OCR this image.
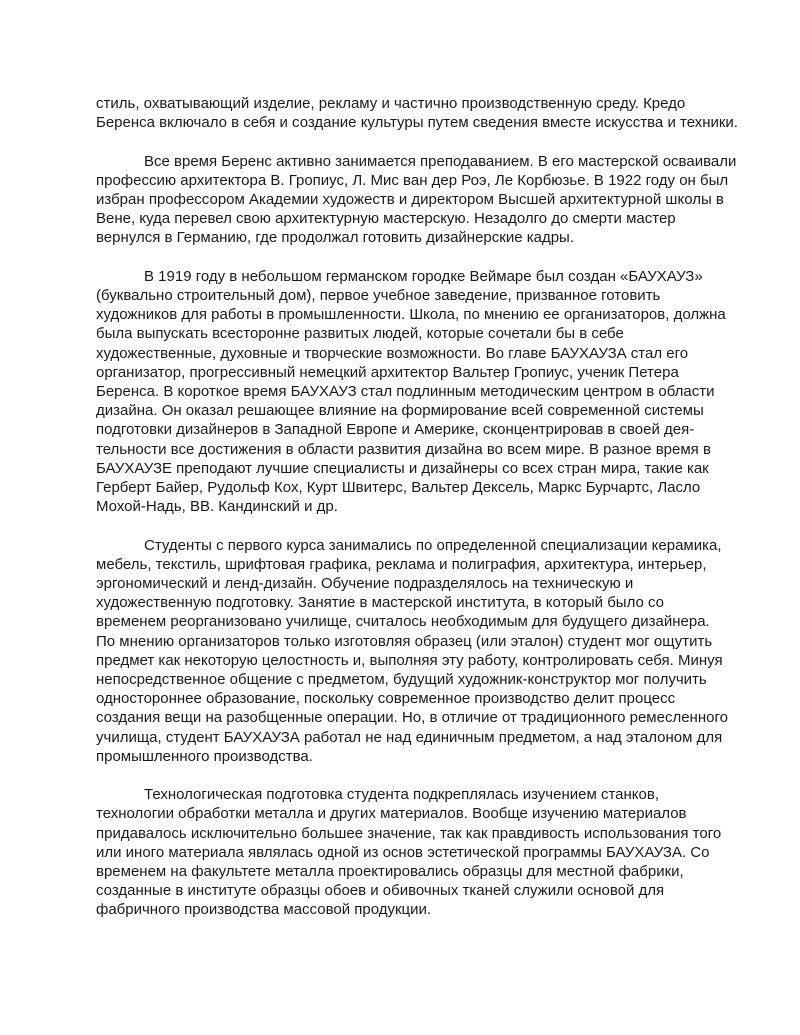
стиль, охватывающий изделие, рекламу и частично производственную среду. Кредо
Беренса включало в себя и создание культуры путем сведения вместе искусства и техники.

Все время Беренс активно занимается преподаванием. В его мастерской осваивали
профессию архитектора В. Гропиус, Л. Мис ван дер Роэ, Ле Корбюзье. В 1922 году он был
избран профессором Академии художеств и директором Высшей архитектурной школы в
Вене, куда перевел свою архитектурную мастерскую. Незадолго до смерти мастер
вернулся в Германию, где продолжал готовить дизайнерские кадры.

В 1919 году в небольшом германском городке Веймаре был создан «БАУХАУЗ»
(буквально строительный дом), первое учебное заведение, призванное готовить
художников для работы в промышленности. Школа, по мнению ее организаторов, должна
была выпускать всесторонне развитых людей, которые сочетали бы в себе
художественные, духовные и творческие возможности. Во главе БАУХАУЗА стал его
организатор, прогрессивный немецкий архитектор Вальтер Гропиус, ученик Петера
Беренса. В короткое время БАУХАУЗ стал подлинным методическим центром в области
дизайна. Он оказал решающее влияние на формирование всей современной системы
подготовки дизайнеров в Западной Европе и Америке, сконцентрировав в своей дея-
тельности все достижения в области развития дизайна во всем мире. В разное время в
БАУХАУЗЕ преподают лучшие специалисты и дизайнеры со всех стран мира, такие как
Герберт Байер, Рудольф Кох, Курт Швитерс, Вальтер Дексель, Маркс Бурчартс, Ласло
Мохой-Надь, ВВ. Кандинский и др.

Студенты с первого курса занимались по определенной специализации керамика,
мебель, текстиль, шрифтовая графика, реклама и полиграфия, архитектура, интерьер,
эргономический и ленд-дизайн. Обучение подразделялось на техническую и
художественную подготовку. Занятие в мастерской института, в который было со
временем реорганизовано училище, считалось необходимым для будущего дизайнера.
По мнению организаторов только изготовляя образец (или эталон) студент мог ощутить
предмет как некоторую целостность и, выполняя эту работу, контролировать себя. Минуя
непосредственное общение с предметом, будущий художник-конструктор мог получить
одностороннее образование, поскольку современное производство делит процесс
создания вещи на разобщенные операции. Но, в отличие от традиционного ремесленного
училища, студент БАУХАУЗА работал не над единичным предметом, а над эталоном для
промышленного производства.

Технологическая подготовка студента подкреплялась изучением станков,
технологии обработки металла и других материалов. Вообще изучению материалов
придавалось исключительно большее значение, так как правдивость использования того
или иного материала являлась одной из основ эстетической программы БАУХАУЗА. Со
временем на факультете металла проектировались образцы для местной фабрики,
созданные в институте образцы обоев и обивочных тканей служили основой для
фабричного производства массовой продукции.
